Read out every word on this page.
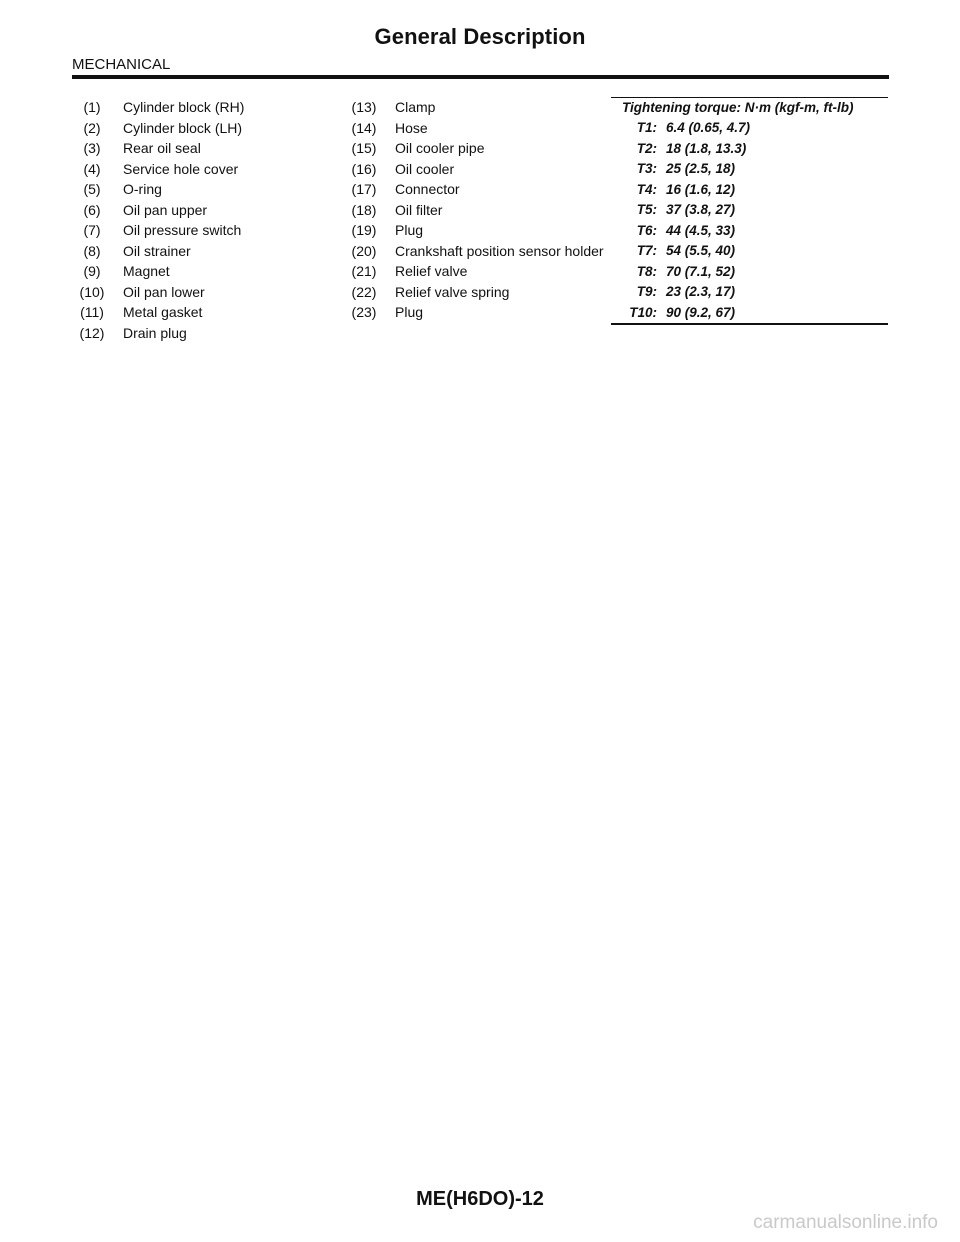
General Description
MECHANICAL
(1) Cylinder block (RH)
(2) Cylinder block (LH)
(3) Rear oil seal
(4) Service hole cover
(5) O-ring
(6) Oil pan upper
(7) Oil pressure switch
(8) Oil strainer
(9) Magnet
(10) Oil pan lower
(11) Metal gasket
(12) Drain plug
(13) Clamp
(14) Hose
(15) Oil cooler pipe
(16) Oil cooler
(17) Connector
(18) Oil filter
(19) Plug
(20) Crankshaft position sensor holder
(21) Relief valve
(22) Relief valve spring
(23) Plug
Tightening torque: N·m (kgf-m, ft-lb)
T1: 6.4 (0.65, 4.7)
T2: 18 (1.8, 13.3)
T3: 25 (2.5, 18)
T4: 16 (1.6, 12)
T5: 37 (3.8, 27)
T6: 44 (4.5, 33)
T7: 54 (5.5, 40)
T8: 70 (7.1, 52)
T9: 23 (2.3, 17)
T10: 90 (9.2, 67)
ME(H6DO)-12
carmanualsonline.info
